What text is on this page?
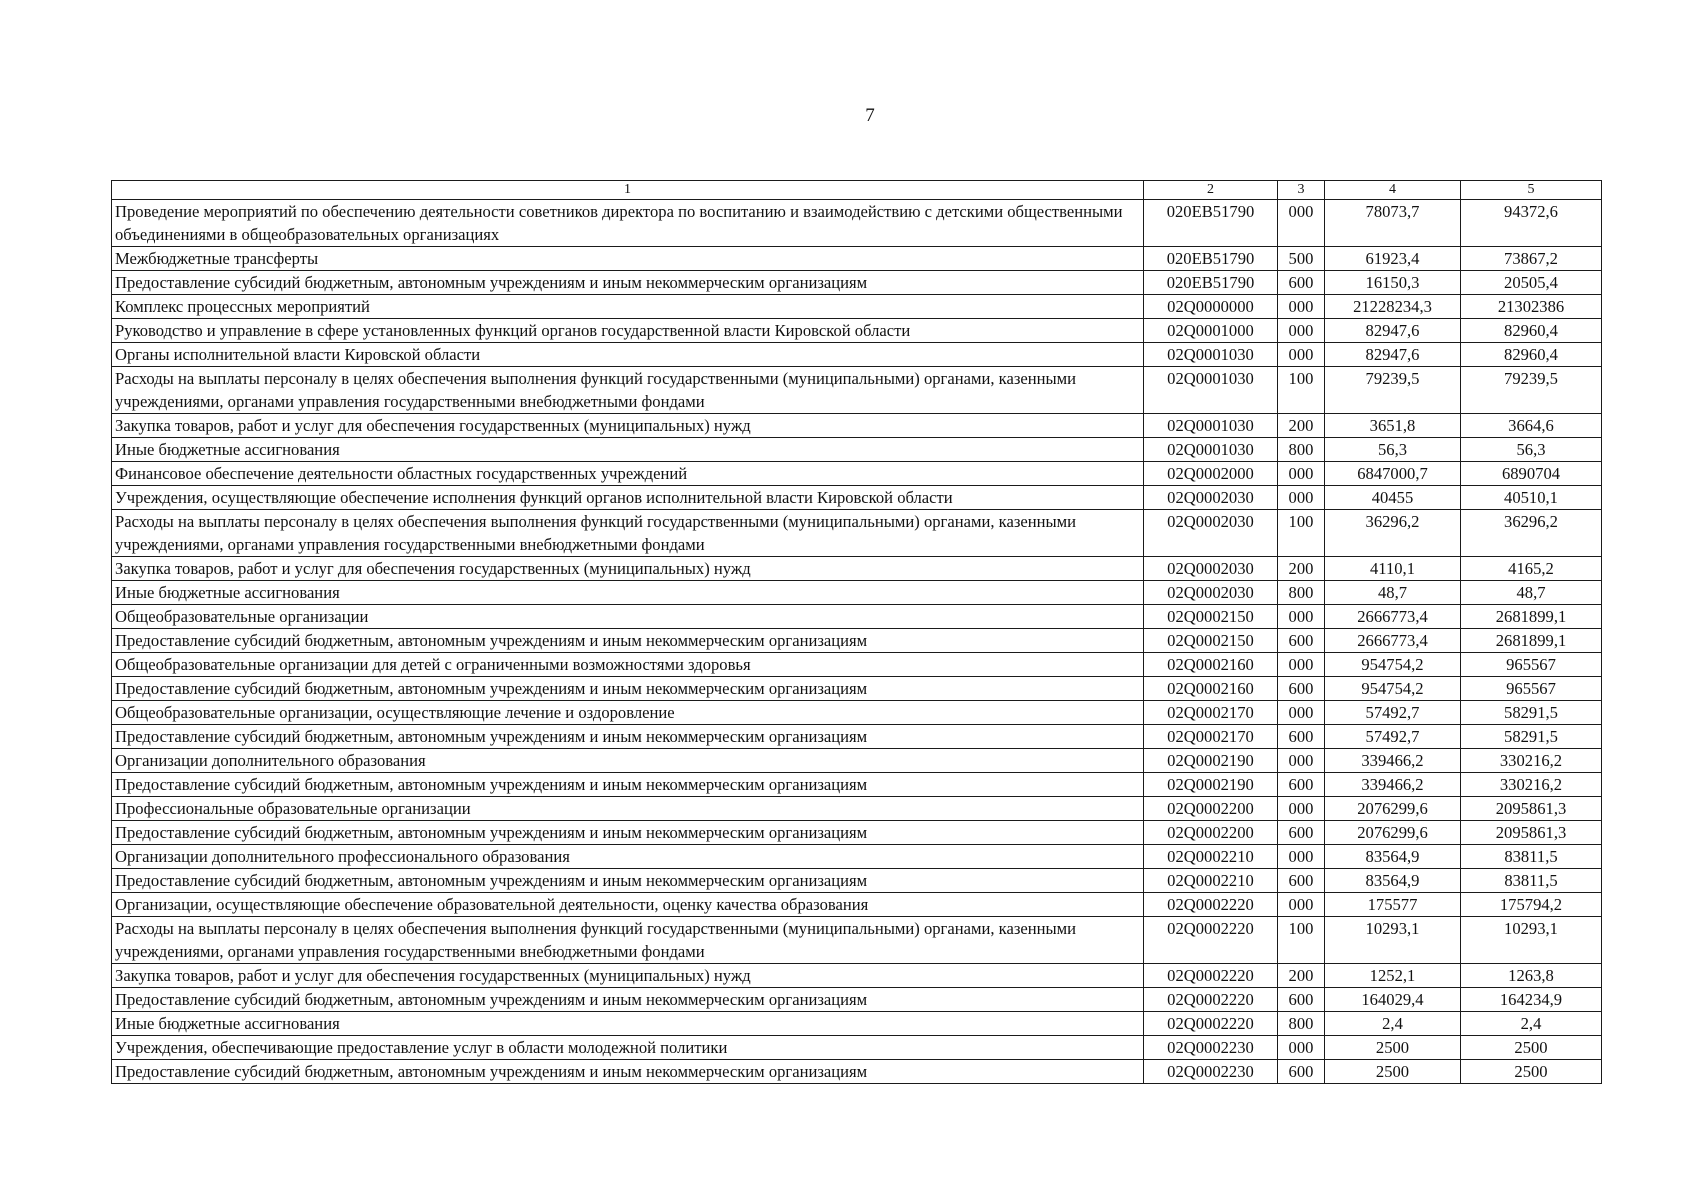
7
1	2	3	4	5
Проведение мероприятий по обеспечению деятельности советников директора по воспитанию и взаимодействию с детскими общественными объединениями в общеобразовательных организациях	020EB51790	000	78073,7	94372,6
Межбюджетные трансферты	020EB51790	500	61923,4	73867,2
Предоставление субсидий бюджетным, автономным учреждениям и иным некоммерческим организациям	020EB51790	600	16150,3	20505,4
Комплекс процессных мероприятий	02Q0000000	000	21228234,3	21302386
Руководство и управление в сфере установленных функций органов государственной власти Кировской области	02Q0001000	000	82947,6	82960,4
Органы исполнительной власти Кировской области	02Q0001030	000	82947,6	82960,4
Расходы на выплаты персоналу в целях обеспечения выполнения функций государственными (муниципальными) органами, казенными учреждениями, органами управления государственными внебюджетными фондами	02Q0001030	100	79239,5	79239,5
Закупка товаров, работ и услуг для обеспечения государственных (муниципальных) нужд	02Q0001030	200	3651,8	3664,6
Иные бюджетные ассигнования	02Q0001030	800	56,3	56,3
Финансовое обеспечение деятельности областных государственных учреждений	02Q0002000	000	6847000,7	6890704
Учреждения, осуществляющие обеспечение исполнения функций органов исполнительной власти Кировской области	02Q0002030	000	40455	40510,1
Расходы на выплаты персоналу в целях обеспечения выполнения функций государственными (муниципальными) органами, казенными учреждениями, органами управления государственными внебюджетными фондами	02Q0002030	100	36296,2	36296,2
Закупка товаров, работ и услуг для обеспечения государственных (муниципальных) нужд	02Q0002030	200	4110,1	4165,2
Иные бюджетные ассигнования	02Q0002030	800	48,7	48,7
Общеобразовательные организации	02Q0002150	000	2666773,4	2681899,1
Предоставление субсидий бюджетным, автономным учреждениям и иным некоммерческим организациям	02Q0002150	600	2666773,4	2681899,1
Общеобразовательные организации для детей с ограниченными возможностями здоровья	02Q0002160	000	954754,2	965567
Предоставление субсидий бюджетным, автономным учреждениям и иным некоммерческим организациям	02Q0002160	600	954754,2	965567
Общеобразовательные организации, осуществляющие лечение и оздоровление	02Q0002170	000	57492,7	58291,5
Предоставление субсидий бюджетным, автономным учреждениям и иным некоммерческим организациям	02Q0002170	600	57492,7	58291,5
Организации дополнительного образования	02Q0002190	000	339466,2	330216,2
Предоставление субсидий бюджетным, автономным учреждениям и иным некоммерческим организациям	02Q0002190	600	339466,2	330216,2
Профессиональные образовательные организации	02Q0002200	000	2076299,6	2095861,3
Предоставление субсидий бюджетным, автономным учреждениям и иным некоммерческим организациям	02Q0002200	600	2076299,6	2095861,3
Организации дополнительного профессионального образования	02Q0002210	000	83564,9	83811,5
Предоставление субсидий бюджетным, автономным учреждениям и иным некоммерческим организациям	02Q0002210	600	83564,9	83811,5
Организации, осуществляющие обеспечение образовательной деятельности, оценку качества образования	02Q0002220	000	175577	175794,2
Расходы на выплаты персоналу в целях обеспечения выполнения функций государственными (муниципальными) органами, казенными учреждениями, органами управления государственными внебюджетными фондами	02Q0002220	100	10293,1	10293,1
Закупка товаров, работ и услуг для обеспечения государственных (муниципальных) нужд	02Q0002220	200	1252,1	1263,8
Предоставление субсидий бюджетным, автономным учреждениям и иным некоммерческим организациям	02Q0002220	600	164029,4	164234,9
Иные бюджетные ассигнования	02Q0002220	800	2,4	2,4
Учреждения, обеспечивающие предоставление услуг в области молодежной политики	02Q0002230	000	2500	2500
Предоставление субсидий бюджетным, автономным учреждениям и иным некоммерческим организациям	02Q0002230	600	2500	2500
